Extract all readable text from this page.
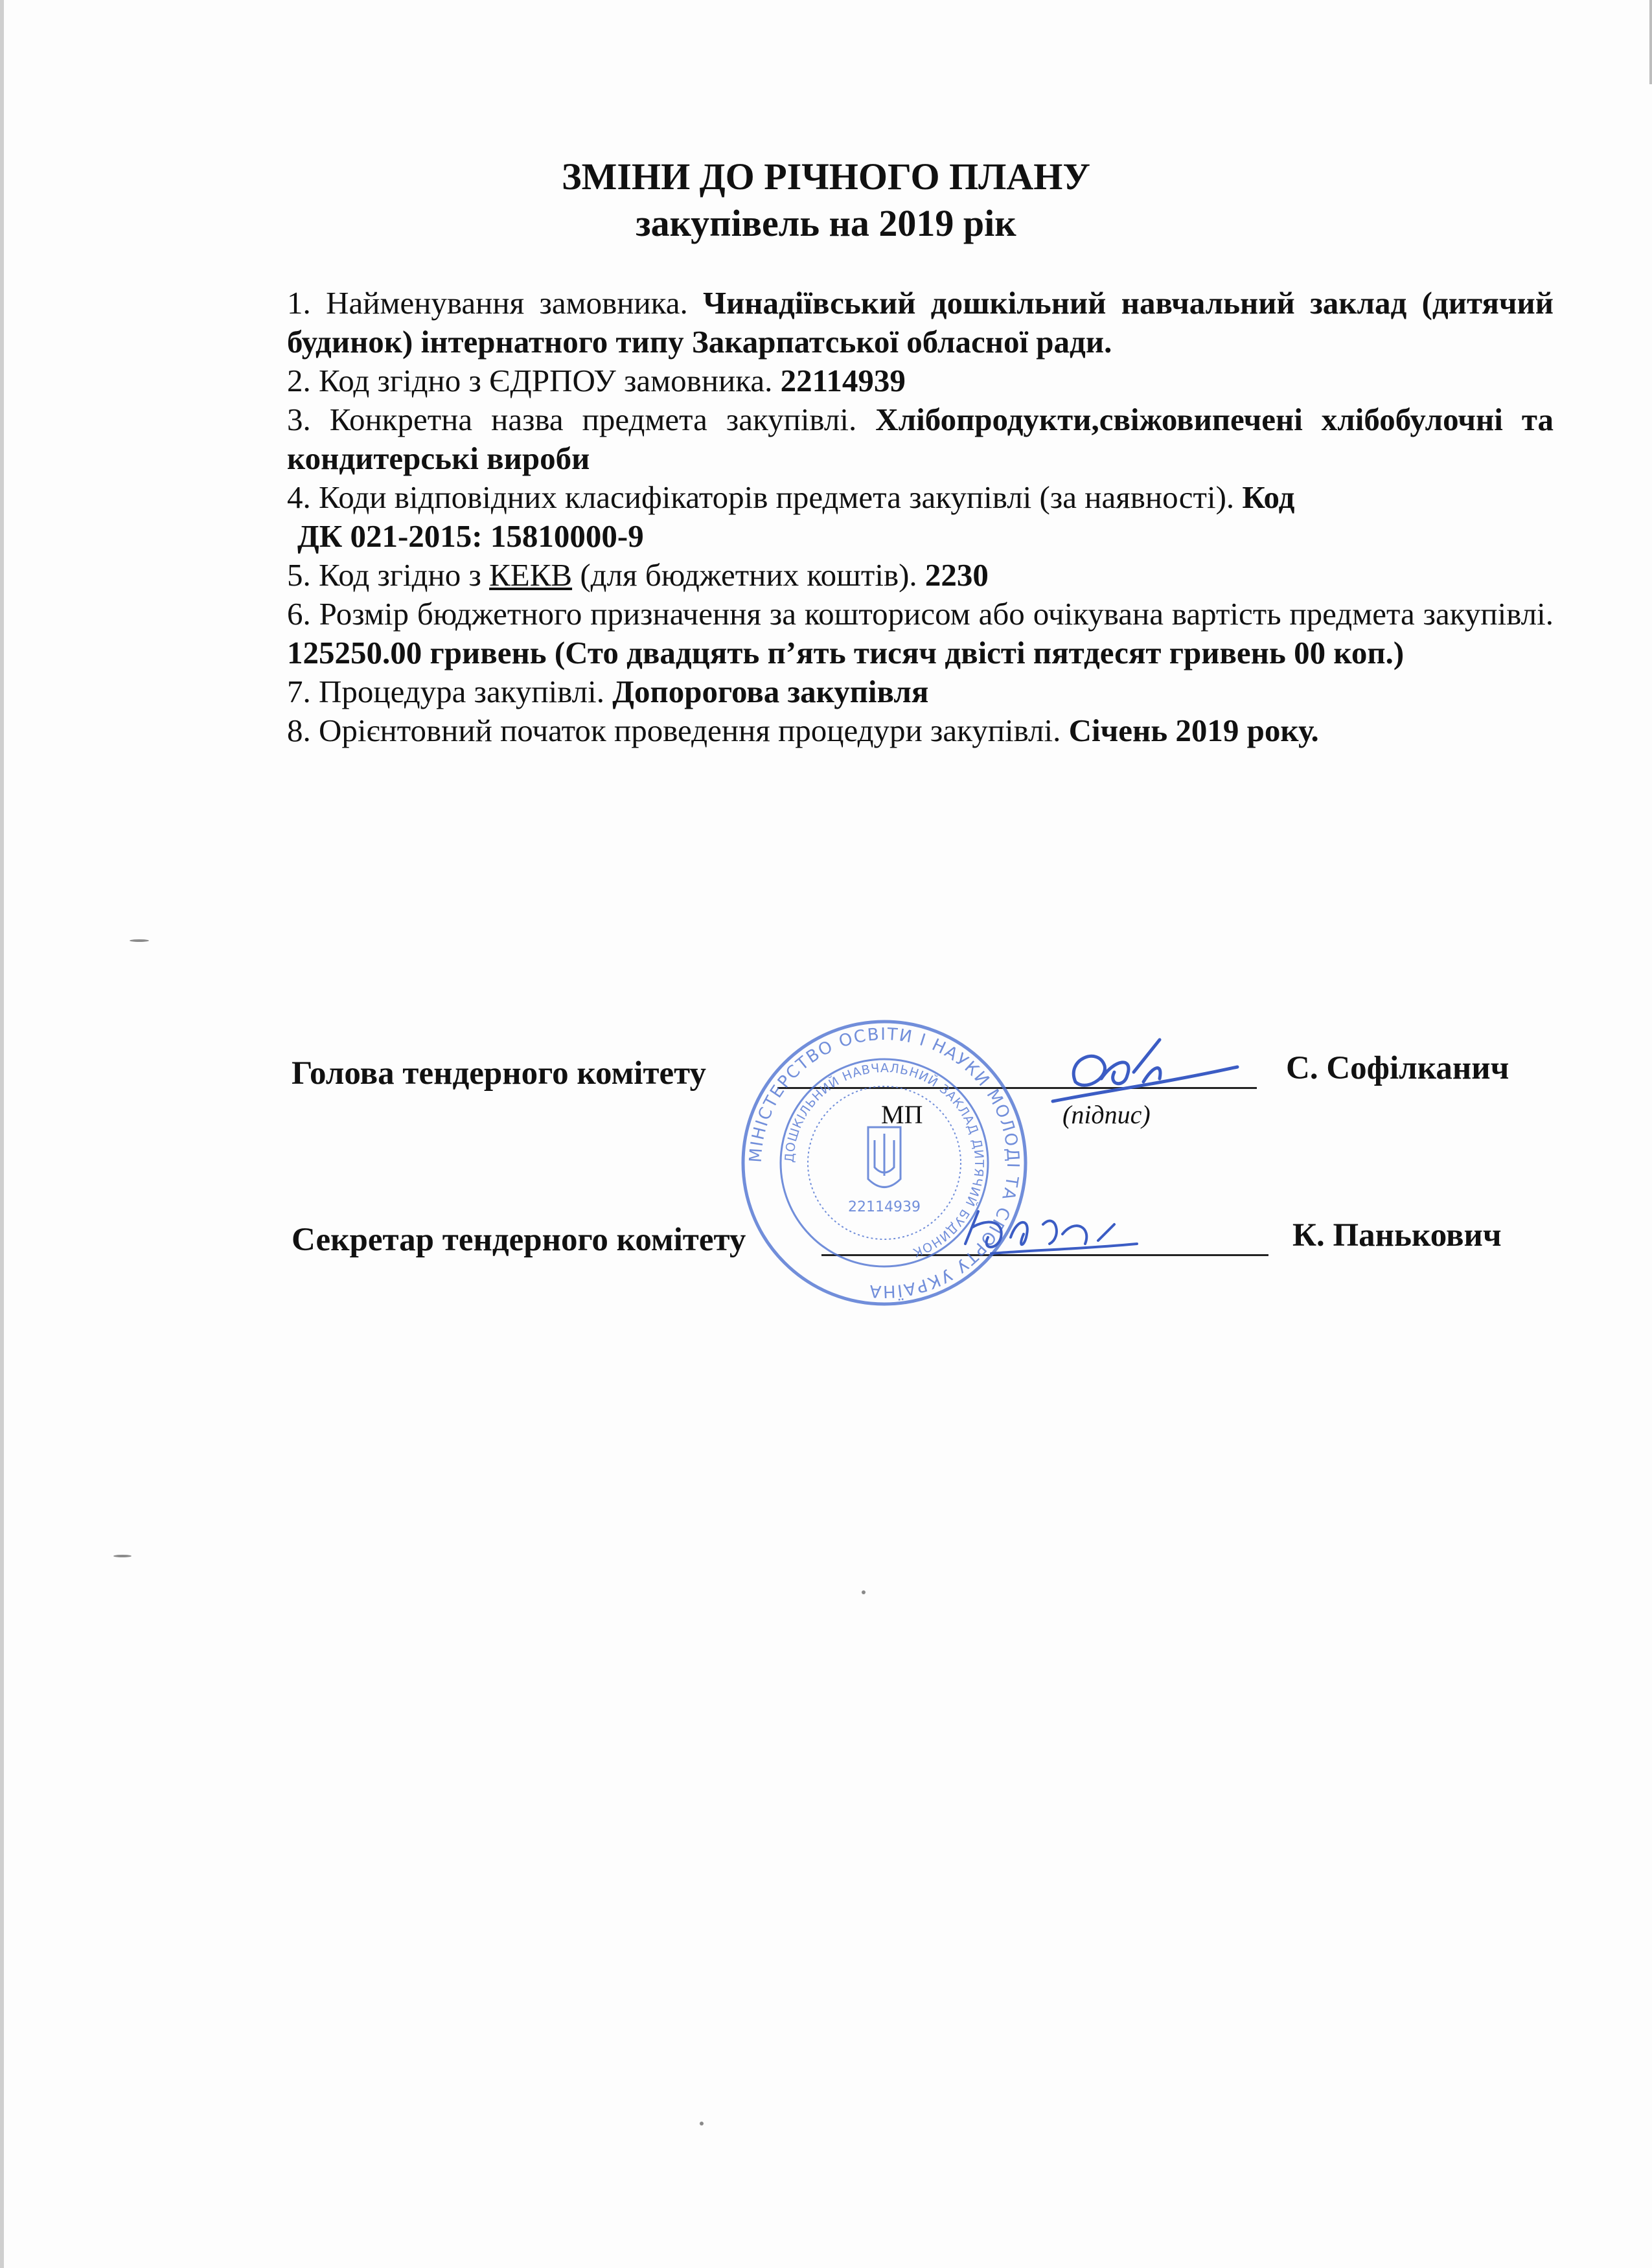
ЗМІНИ ДО РІЧНОГО ПЛАНУ
закупівель на 2019 рік

1. Найменування замовника. Чинадіївський дошкільний навчальний заклад (дитячий будинок) інтернатного типу Закарпатської обласної ради.

2. Код згідно з ЄДРПОУ замовника. 22114939

3. Конкретна назва предмета закупівлі. Хлібопродукти,свіжовипечені хлібобулочні та кондитерські вироби

4. Коди відповідних класифікаторів предмета закупівлі (за наявності). Код
ДК 021-2015: 15810000-9

5. Код згідно з КЕКВ (для бюджетних коштів). 2230

6. Розмір бюджетного призначення за кошторисом або очікувана вартість предмета закупівлі. 125250.00 гривень (Сто двадцять п’ять тисяч двісті пятдесят гривень 00 коп.)

7. Процедура закупівлі. Допорогова закупівля

8. Орієнтовний початок проведення процедури закупівлі. Січень 2019 року.

Голова тендерного комітету	С. Софілканич
МП	(підпис)
Секретар тендерного комітету	К. Панькович
МІНІСТЕРСТВО ОСВІТИ І НАУКИ МОЛОДІ ТА СПОРТУ УКРАЇНА
ДОШКІЛЬНИЙ НАВЧАЛЬНИЙ ЗАКЛАД ДИТЯЧИЙ БУДИНОК
22114939
